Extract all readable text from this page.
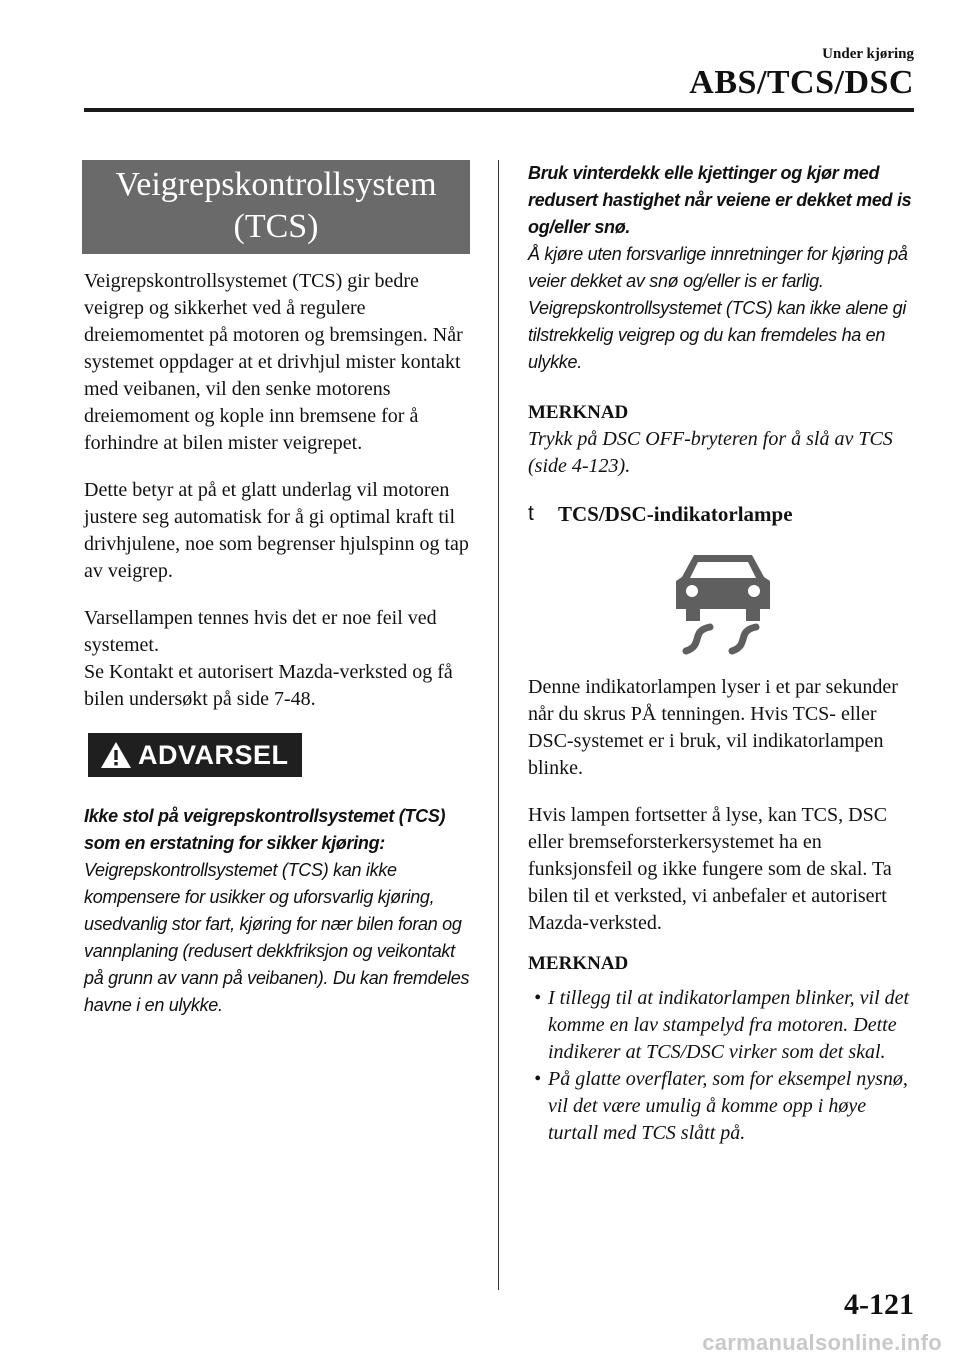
Under kjøring
ABS/TCS/DSC
Veigrepskontrollsystem
(TCS)

Veigrepskontrollsystemet (TCS) gir bedre veigrep og sikkerhet ved å regulere dreiemomentet på motoren og bremsingen. Når systemet oppdager at et drivhjul mister kontakt med veibanen, vil den senke motorens dreiemoment og kople inn bremsene for å forhindre at bilen mister veigrepet.

Dette betyr at på et glatt underlag vil motoren justere seg automatisk for å gi optimal kraft til drivhjulene, noe som begrenser hjulspinn og tap av veigrep.

Varsellampen tennes hvis det er noe feil ved systemet.

Se Kontakt et autorisert Mazda-verksted og få bilen undersøkt på side 7-48.

ADVARSEL

Ikke stol på veigrepskontrollsystemet (TCS) som en erstatning for sikker kjøring:

Veigrepskontrollsystemet (TCS) kan ikke kompensere for usikker og uforsvarlig kjøring, usedvanlig stor fart, kjøring for nær bilen foran og vannplaning (redusert dekkfriksjon og veikontakt på grunn av vann på veibanen). Du kan fremdeles havne i en ulykke.

Bruk vinterdekk elle kjettinger og kjør med redusert hastighet når veiene er dekket med is og/eller snø.

Å kjøre uten forsvarlige innretninger for kjøring på veier dekket av snø og/eller is er farlig. Veigrepskontrollsystemet (TCS) kan ikke alene gi tilstrekkelig veigrep og du kan fremdeles ha en ulykke.

MERKNAD

Trykk på DSC OFF-bryteren for å slå av TCS (side 4-123).

t	TCS/DSC-indikatorlampe

Denne indikatorlampen lyser i et par sekunder når du skrus PÅ tenningen. Hvis TCS- eller DSC-systemet er i bruk, vil indikatorlampen blinke.

Hvis lampen fortsetter å lyse, kan TCS, DSC eller bremseforsterkersystemet ha en funksjonsfeil og ikke fungere som de skal. Ta bilen til et verksted, vi anbefaler et autorisert Mazda-verksted.

MERKNAD

• I tillegg til at indikatorlampen blinker, vil det komme en lav stampelyd fra motoren. Dette indikerer at TCS/DSC virker som det skal.
• På glatte overflater, som for eksempel nysnø, vil det være umulig å komme opp i høye turtall med TCS slått på.
4-121
carmanualsonline.info
